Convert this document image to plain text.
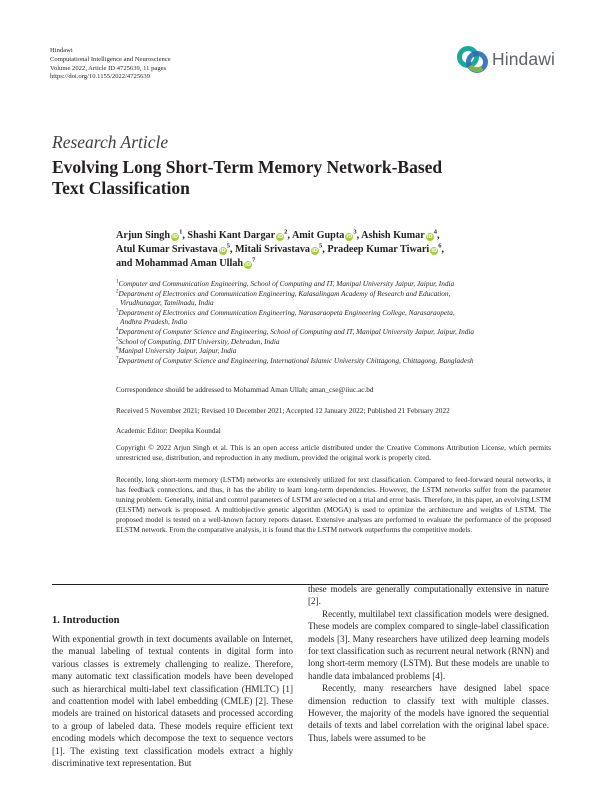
Hindawi
Computational Intelligence and Neuroscience
Volume 2022, Article ID 4725639, 11 pages
https://doi.org/10.1155/2022/4725639
Hindawi
Research Article
Evolving Long Short-Term Memory Network-Based
Text Classification
Arjun Singh $iD^1$, Shashi Kant Dargar $iD^2$, Amit Gupta $iD^3$, Ashish Kumar $iD^4$,
Atul Kumar Srivastava $iD^5$, Mitali Srivastava $iD^5$, Pradeep Kumar Tiwari $iD^6$,
and Mohammad Aman Ullah $iD^7$

$^1$Computer and Communication Engineering, School of Computing and IT, Manipal University Jaipur, Jaipur, India

$^2$Department of Electronics and Communication Engineering, Kalasalingam Academy of Research and Education,

Virudhunagar, Tamilnadu, India

$^3$Department of Electronics and Communication Engineering, Narasaraopeta Engineering College, Narasaraopeta,

Andhra Pradesh, India

$^4$Department of Computer Science and Engineering, School of Computing and IT, Manipal University Jaipur, Jaipur, India

$^5$School of Computing, DIT University, Dehradun, India

$^6$Manipal University Jaipur, Jaipur, India

$^7$Department of Computer Science and Engineering, International Islamic University Chittagong, Chittagong, Bangladesh

Correspondence should be addressed to Mohammad Aman Ullah; aman_cse@iiuc.ac.bd
Received 5 November 2021; Revised 10 December 2021; Accepted 12 January 2022; Published 21 February 2022
Academic Editor: Deepika Koundal
Copyright © 2022 Arjun Singh et al. This is an open access article distributed under the Creative Commons Attribution License, which permits unrestricted use, distribution, and reproduction in any medium, provided the original work is properly cited.
Recently, long short-term memory (LSTM) networks are extensively utilized for text classification. Compared to feed-forward neural networks, it has feedback connections, and thus, it has the ability to learn long-term dependencies. However, the LSTM networks suffer from the parameter tuning problem. Generally, initial and control parameters of LSTM are selected on a trial and error basis. Therefore, in this paper, an evolving LSTM (ELSTM) network is proposed. A multiobjective genetic algorithm (MOGA) is used to optimize the architecture and weights of LSTM. The proposed model is tested on a well-known factory reports dataset. Extensive analyses are performed to evaluate the performance of the proposed ELSTM network. From the comparative analysis, it is found that the LSTM network outperforms the competitive models.
1. Introduction

With exponential growth in text documents available on Internet, the manual labeling of textual contents in digital form into various classes is extremely challenging to realize. Therefore, many automatic text classification models have been developed such as hierarchical multi-label text classification (HMLTC) [1] and coattention model with label embedding (CMLE) [2]. These models are trained on historical datasets and processed according to a group of labeled data. These models require efficient text encoding models which decompose the text to sequence vectors [1]. The existing text classification models extract a highly discriminative text representation. But

these models are generally computationally extensive in nature [2].

Recently, multilabel text classification models were designed. These models are complex compared to single-label classification models [3]. Many researchers have utilized deep learning models for text classification such as recurrent neural network (RNN) and long short-term memory (LSTM). But these models are unable to handle data imbalanced problems [4].

Recently, many researchers have designed label space dimension reduction to classify text with multiple classes. However, the majority of the models have ignored the sequential details of texts and label correlation with the original label space. Thus, labels were assumed to be
